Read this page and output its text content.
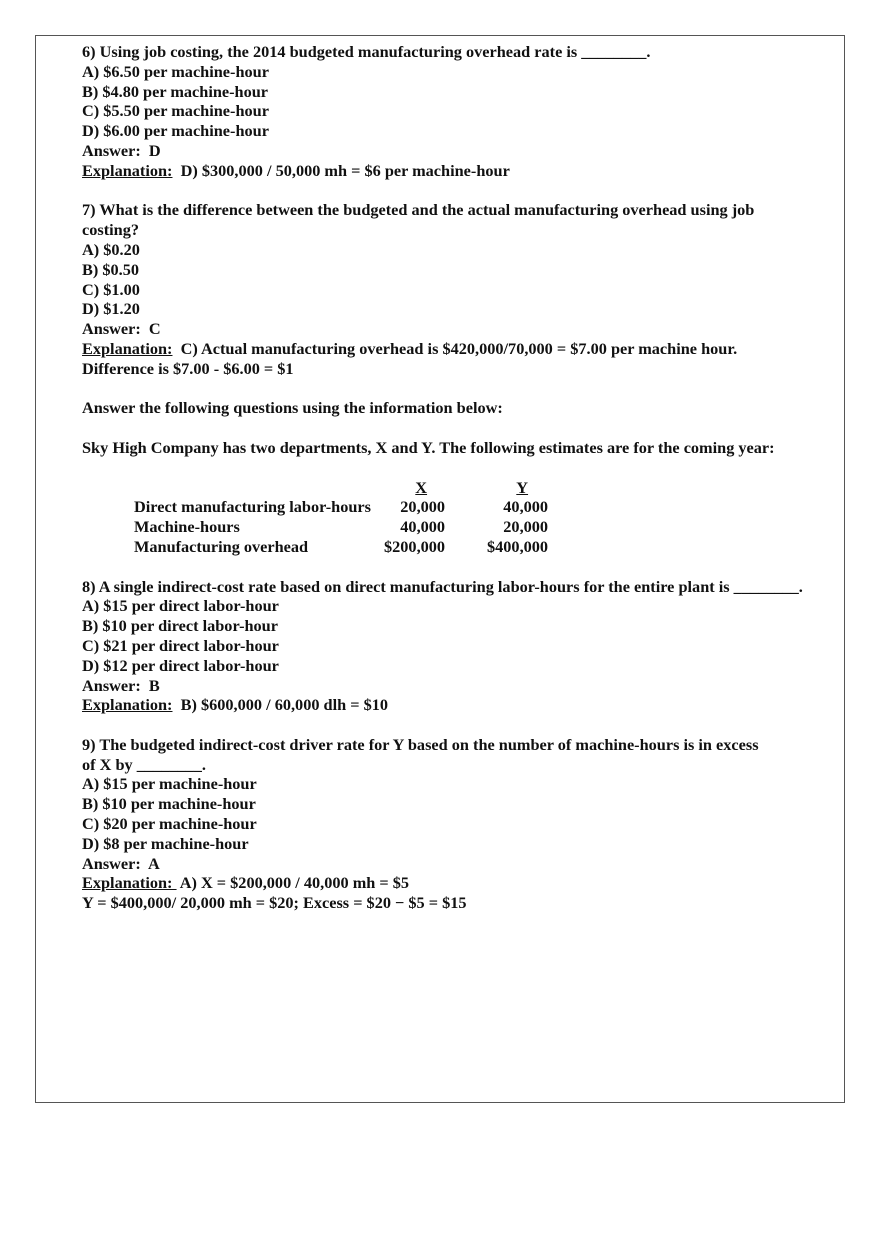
6) Using job costing, the 2014 budgeted manufacturing overhead rate is ________.
A) $6.50 per machine-hour
B) $4.80 per machine-hour
C) $5.50 per machine-hour
D) $6.00 per machine-hour
Answer:  D
Explanation:  D) $300,000 / 50,000 mh = $6 per machine-hour
7) What is the difference between the budgeted and the actual manufacturing overhead using job costing?
A) $0.20
B) $0.50
C) $1.00
D) $1.20
Answer:  C
Explanation:  C) Actual manufacturing overhead is $420,000/70,000 = $7.00 per machine hour.
Difference is $7.00 - $6.00 = $1
Answer the following questions using the information below:
Sky High Company has two departments, X and Y. The following estimates are for the coming year:
	X	Y
Direct manufacturing labor-hours	20,000	40,000
Machine-hours	40,000	20,000
Manufacturing overhead	$200,000	$400,000
8) A single indirect-cost rate based on direct manufacturing labor-hours for the entire plant is ________.
A) $15 per direct labor-hour
B) $10 per direct labor-hour
C) $21 per direct labor-hour
D) $12 per direct labor-hour
Answer:  B
Explanation:  B) $600,000 / 60,000 dlh = $10
9) The budgeted indirect-cost driver rate for Y based on the number of machine-hours is in excess of X by ________.
A) $15 per machine-hour
B) $10 per machine-hour
C) $20 per machine-hour
D) $8 per machine-hour
Answer:  A
Explanation:  A) X = $200,000 / 40,000 mh = $5
Y = $400,000/ 20,000 mh = $20; Excess = $20 − $5 = $15
